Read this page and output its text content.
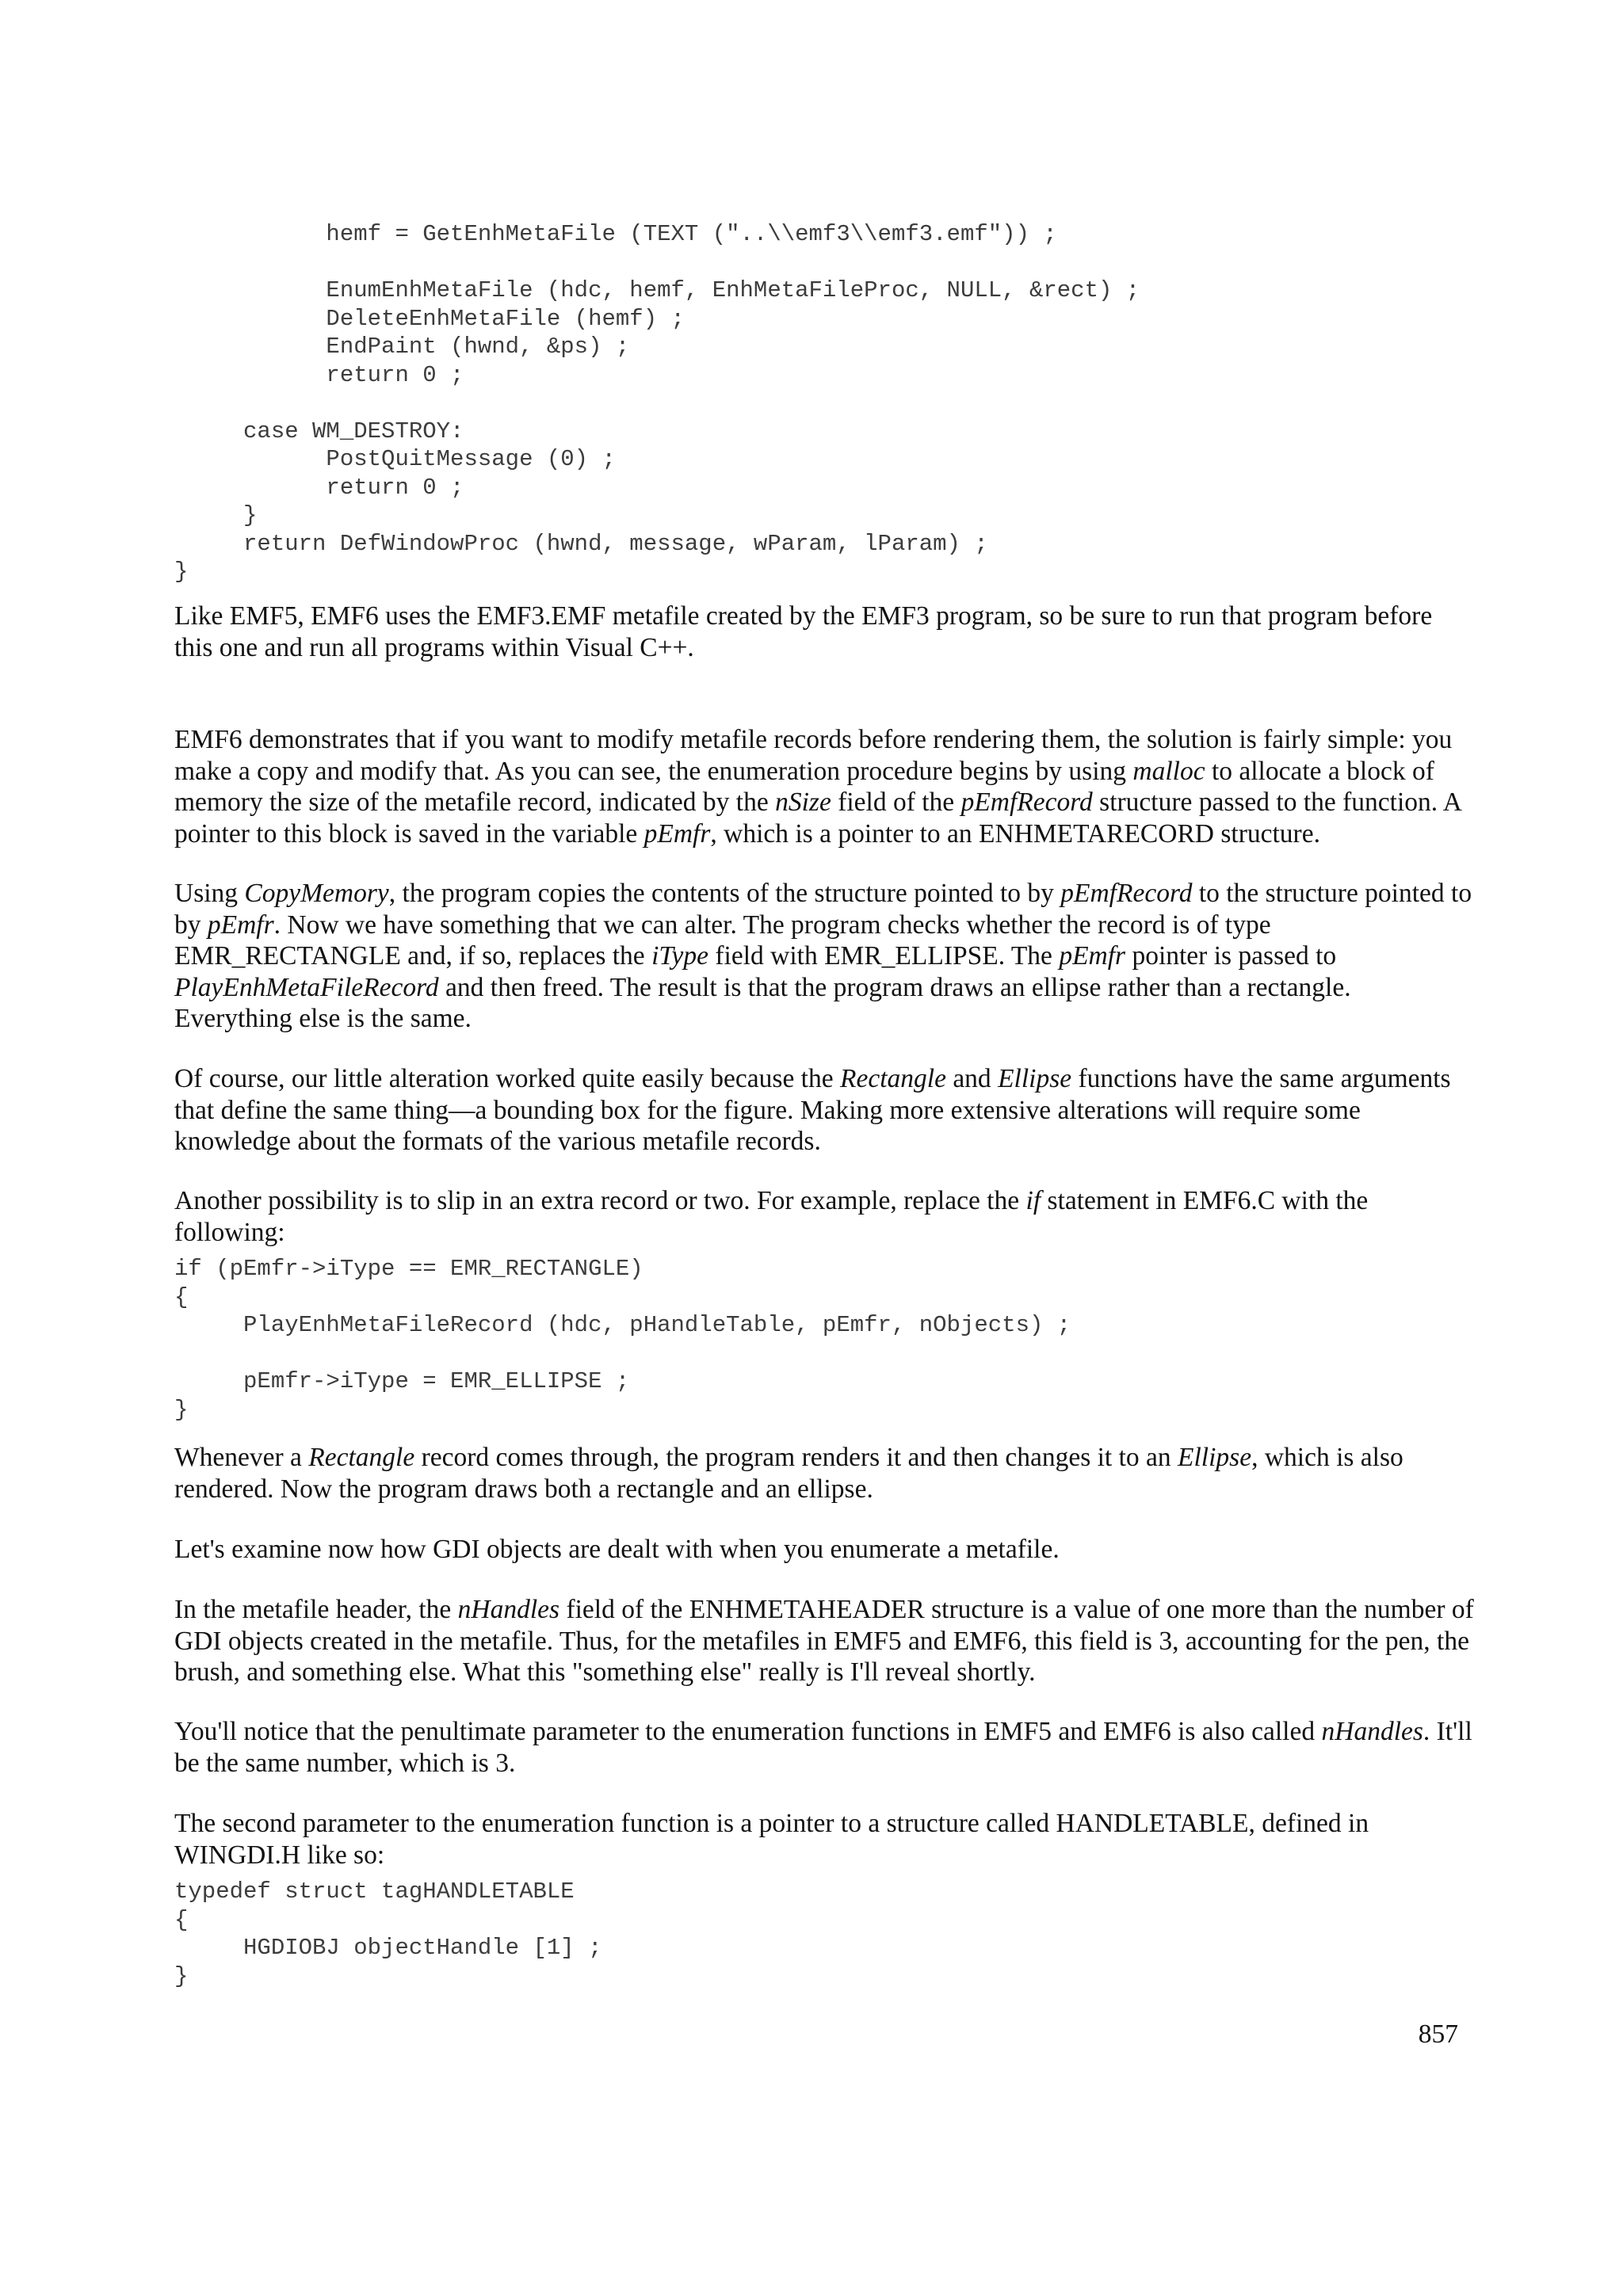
hemf = GetEnhMetaFile (TEXT ("..\\emf3\\emf3.emf")) ;
EnumEnhMetaFile (hdc, hemf, EnhMetaFileProc, NULL, &rect) ;
DeleteEnhMetaFile (hemf) ;
EndPaint (hwnd, &ps) ;
return 0 ;
case WM_DESTROY:
PostQuitMessage (0) ;
return 0 ;
}
return DefWindowProc (hwnd, message, wParam, lParam) ;
}

Like EMF5, EMF6 uses the EMF3.EMF metafile created by the EMF3 program, so be sure to run that program before this one and run all programs within Visual C++.

EMF6 demonstrates that if you want to modify metafile records before rendering them, the solution is fairly simple: you make a copy and modify that. As you can see, the enumeration procedure begins by using malloc to allocate a block of memory the size of the metafile record, indicated by the nSize field of the pEmfRecord structure passed to the function. A pointer to this block is saved in the variable pEmfr, which is a pointer to an ENHMETARECORD structure.

Using CopyMemory, the program copies the contents of the structure pointed to by pEmfRecord to the structure pointed to by pEmfr. Now we have something that we can alter. The program checks whether the record is of type EMR_RECTANGLE and, if so, replaces the iType field with EMR_ELLIPSE. The pEmfr pointer is passed to PlayEnhMetaFileRecord and then freed. The result is that the program draws an ellipse rather than a rectangle. Everything else is the same.

Of course, our little alteration worked quite easily because the Rectangle and Ellipse functions have the same arguments that define the same thing—a bounding box for the figure. Making more extensive alterations will require some knowledge about the formats of the various metafile records.

Another possibility is to slip in an extra record or two. For example, replace the if statement in EMF6.C with the following:

if (pEmfr->iType == EMR_RECTANGLE)
{
PlayEnhMetaFileRecord (hdc, pHandleTable, pEmfr, nObjects) ;
pEmfr->iType = EMR_ELLIPSE ;
}

Whenever a Rectangle record comes through, the program renders it and then changes it to an Ellipse, which is also rendered. Now the program draws both a rectangle and an ellipse.

Let's examine now how GDI objects are dealt with when you enumerate a metafile.

In the metafile header, the nHandles field of the ENHMETAHEADER structure is a value of one more than the number of GDI objects created in the metafile. Thus, for the metafiles in EMF5 and EMF6, this field is 3, accounting for the pen, the brush, and something else. What this "something else" really is I'll reveal shortly.

You'll notice that the penultimate parameter to the enumeration functions in EMF5 and EMF6 is also called nHandles. It'll be the same number, which is 3.

The second parameter to the enumeration function is a pointer to a structure called HANDLETABLE, defined in WINGDI.H like so:

typedef struct tagHANDLETABLE
{
HGDIOBJ objectHandle [1] ;
}

857
